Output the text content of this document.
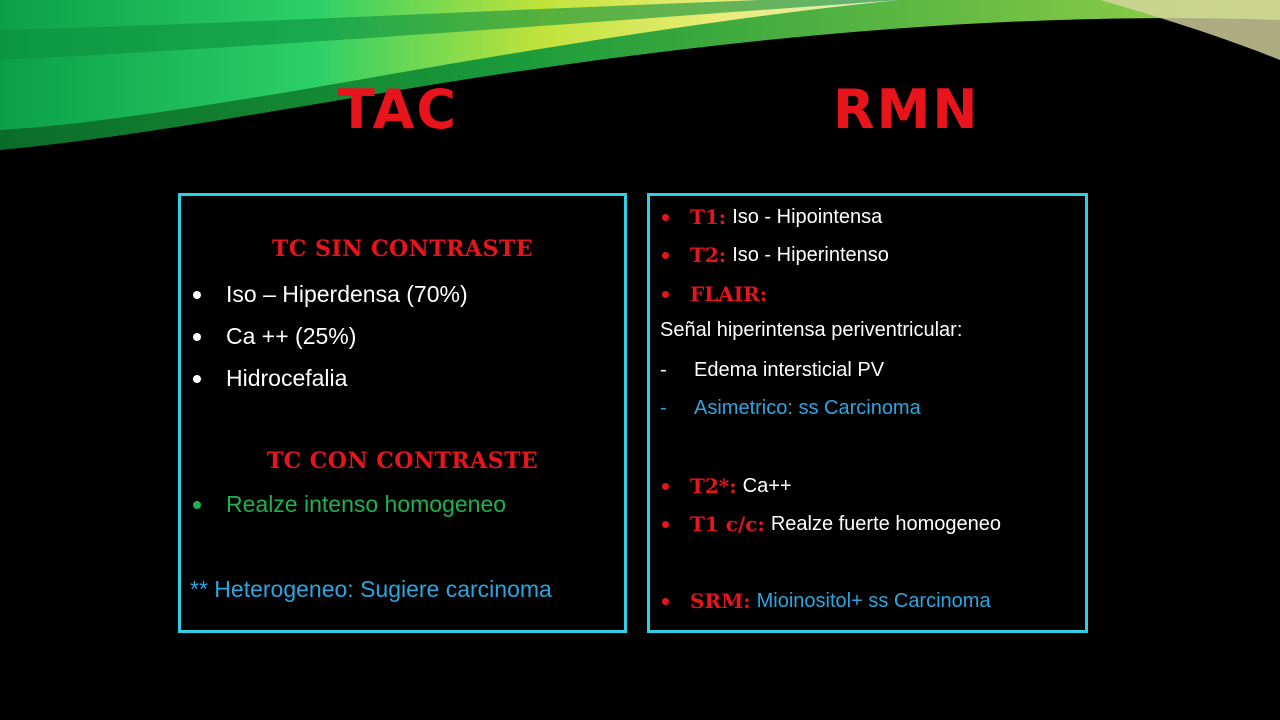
TAC	RMN
TC SIN CONTRASTE
Iso – Hiperdensa (70%)
Ca ++ (25%)
Hidrocefalia
TC CON CONTRASTE
Realze intenso homogeneo
** Heterogeneo: Sugiere carcinoma
T1: Iso - Hipointensa
T2: Iso - Hiperintenso
FLAIR:
Señal hiperintensa periventricular:
- Edema intersticial PV
- Asimetrico: ss Carcinoma
T2*: Ca++
T1 c/c: Realze fuerte homogeneo
SRM: Mioinositol+ ss Carcinoma
